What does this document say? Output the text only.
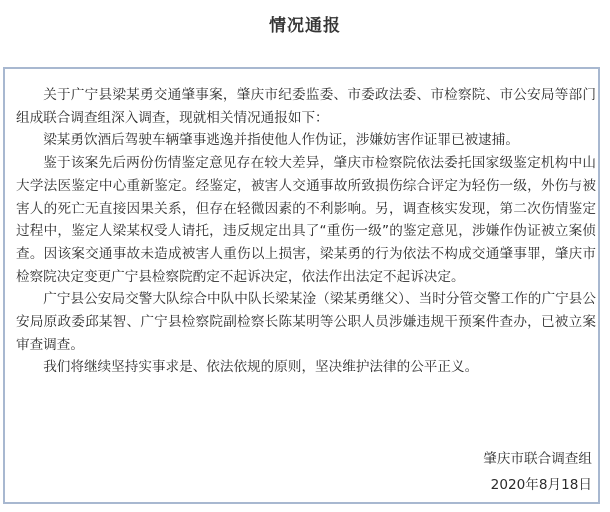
情况通报

关于广宁县梁某勇交通肇事案，肇庆市纪委监委、市委政法委、市检察院、市公安局等部门组成联合调查组深入调查，现就相关情况通报如下：

梁某勇饮酒后驾驶车辆肇事逃逸并指使他人作伪证，涉嫌妨害作证罪已被逮捕。

鉴于该案先后两份伤情鉴定意见存在较大差异，肇庆市检察院依法委托国家级鉴定机构中山大学法医鉴定中心重新鉴定。经鉴定，被害人交通事故所致损伤综合评定为轻伤一级，外伤与被害人的死亡无直接因果关系，但存在轻微因素的不利影响。另，调查核实发现，第二次伤情鉴定过程中，鉴定人梁某权受人请托，违反规定出具了“重伤一级”的鉴定意见，涉嫌作伪证被立案侦查。因该案交通事故未造成被害人重伤以上损害，梁某勇的行为依法不构成交通肇事罪，肇庆市检察院决定变更广宁县检察院酌定不起诉决定，依法作出法定不起诉决定。

广宁县公安局交警大队综合中队中队长梁某淦（梁某勇继父）、当时分管交警工作的广宁县公安局原政委邱某智、广宁县检察院副检察长陈某明等公职人员涉嫌违规干预案件查办，已被立案审查调查。

我们将继续坚持实事求是、依法依规的原则，坚决维护法律的公平正义。

肇庆市联合调查组
2020年8月18日
